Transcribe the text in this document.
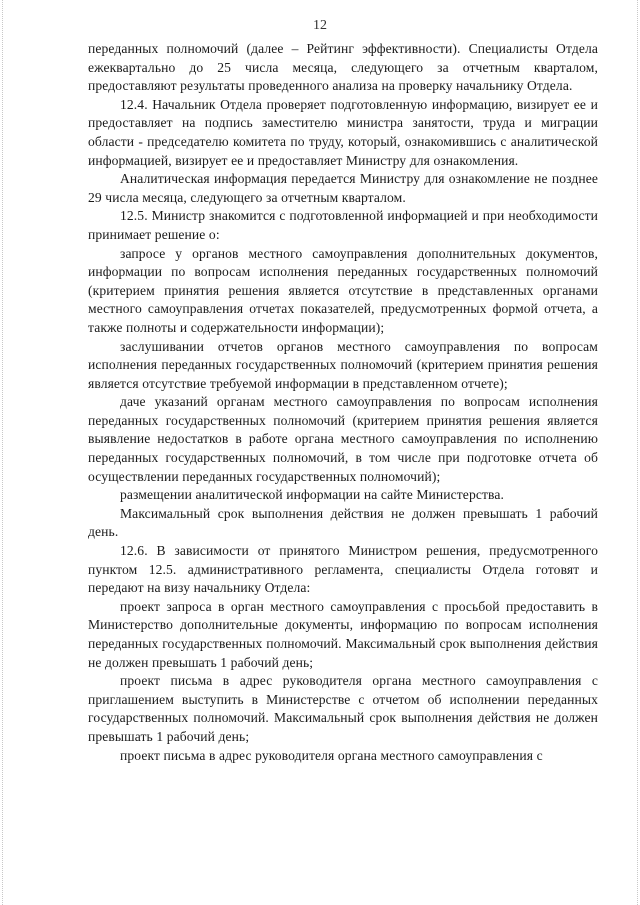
12

переданных полномочий (далее – Рейтинг эффективности). Специалисты Отдела ежеквартально до 25 числа месяца, следующего за отчетным кварталом, предоставляют результаты проведенного анализа на проверку начальнику Отдела.

12.4. Начальник Отдела проверяет подготовленную информацию, визирует ее и предоставляет на подпись заместителю министра занятости, труда и миграции области - председателю комитета по труду, который, ознакомившись с аналитической информацией, визирует ее и предоставляет Министру для ознакомления.

Аналитическая информация передается Министру для ознакомление не позднее 29 числа месяца, следующего за отчетным кварталом.

12.5. Министр знакомится с подготовленной информацией и при необходимости принимает решение о:

запросе у органов местного самоуправления дополнительных документов, информации по вопросам исполнения переданных государственных полномочий (критерием принятия решения является отсутствие в представленных органами местного самоуправления отчетах показателей, предусмотренных формой отчета, а также полноты и содержательности информации);

заслушивании отчетов органов местного самоуправления по вопросам исполнения переданных государственных полномочий (критерием принятия решения является отсутствие требуемой информации в представленном отчете);

даче указаний органам местного самоуправления по вопросам исполнения переданных государственных полномочий (критерием принятия решения является выявление недостатков в работе органа местного самоуправления по исполнению переданных государственных полномочий, в том числе при подготовке отчета об осуществлении переданных государственных полномочий);

размещении аналитической информации на сайте Министерства.

Максимальный срок выполнения действия не должен превышать 1 рабочий день.

12.6. В зависимости от принятого Министром решения, предусмотренного пунктом 12.5. административного регламента, специалисты Отдела готовят и передают на визу начальнику Отдела:

проект запроса в орган местного самоуправления с просьбой предоставить в Министерство дополнительные документы, информацию по вопросам исполнения переданных государственных полномочий. Максимальный срок выполнения действия не должен превышать 1 рабочий день;

проект письма в адрес руководителя органа местного самоуправления с приглашением выступить в Министерстве с отчетом об исполнении переданных государственных полномочий. Максимальный срок выполнения действия не должен превышать 1 рабочий день;

проект письма в адрес руководителя органа местного самоуправления с
